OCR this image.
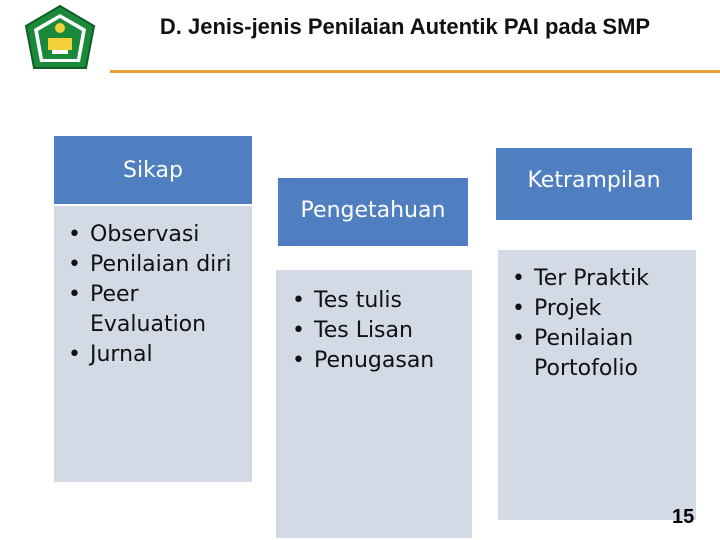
D. Jenis-jenis Penilaian Autentik PAI pada SMP
Sikap
• Observasi
• Penilaian diri
• Peer Evaluation
• Jurnal
Pengetahuan
• Tes tulis
• Tes Lisan
• Penugasan
Ketrampilan
• Ter Praktik
• Projek
• Penilaian Portofolio
15
